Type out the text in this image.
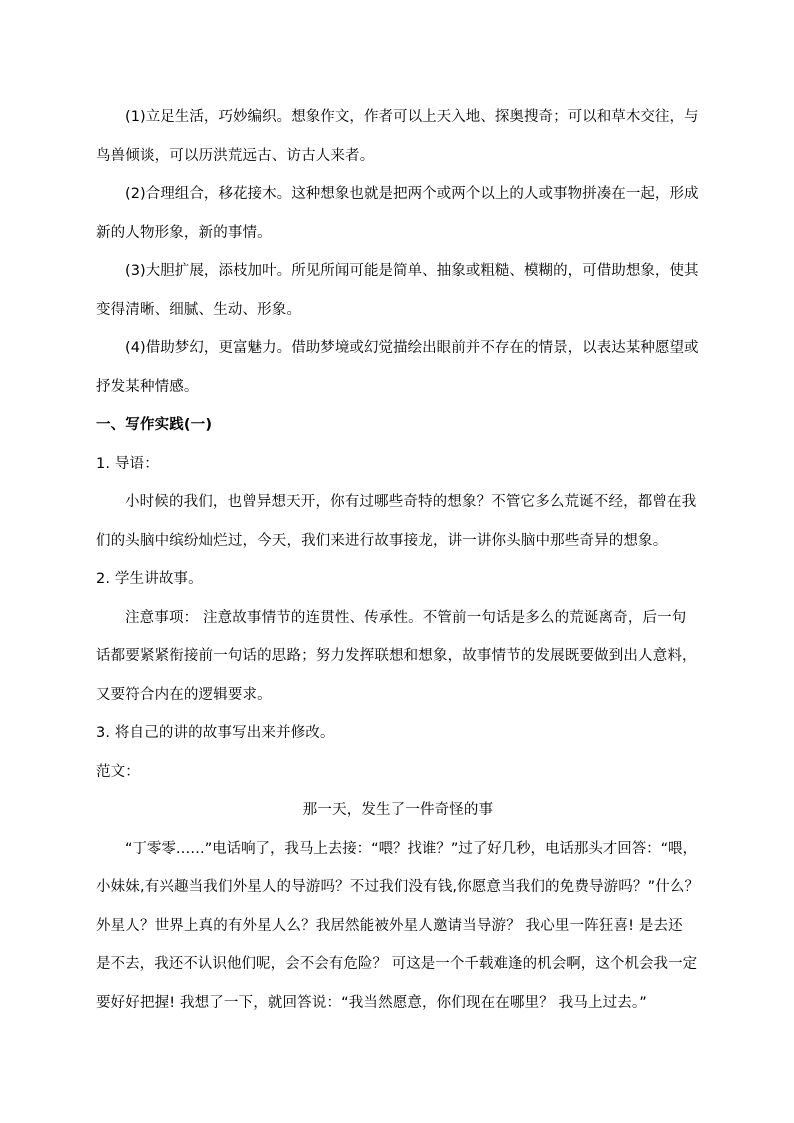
(1)立足生活，巧妙编织。想象作文，作者可以上天入地、探奥搜奇；可以和草木交往，与
鸟兽倾谈，可以历洪荒远古、访古人来者。
(2)合理组合，移花接木。这种想象也就是把两个或两个以上的人或事物拼凑在一起，形成
新的人物形象，新的事情。
(3)大胆扩展，添枝加叶。所见所闻可能是简单、抽象或粗糙、模糊的，可借助想象，使其
变得清晰、细腻、生动、形象。
(4)借助梦幻，更富魅力。借助梦境或幻觉描绘出眼前并不存在的情景，以表达某种愿望或
抒发某种情感。
一、写作实践(一)
1. 导语：
小时候的我们，也曾异想天开，你有过哪些奇特的想象？不管它多么荒诞不经，都曾在我
们的头脑中缤纷灿烂过，今天，我们来进行故事接龙，讲一讲你头脑中那些奇异的想象。
2. 学生讲故事。
注意事项： 注意故事情节的连贯性、传承性。不管前一句话是多么的荒诞离奇，后一句
话都要紧紧衔接前一句话的思路；努力发挥联想和想象，故事情节的发展既要做到出人意料，
又要符合内在的逻辑要求。
3. 将自己的讲的故事写出来并修改。
范文：
那一天，发生了一件奇怪的事
“丁零零……”电话响了，我马上去接：“喂？找谁？”过了好几秒，电话那头才回答：“喂，
小妹妹,有兴趣当我们外星人的导游吗？不过我们没有钱,你愿意当我们的免费导游吗？”什么？
外星人？世界上真的有外星人么？我居然能被外星人邀请当导游？ 我心里一阵狂喜! 是去还
是不去，我还不认识他们呢，会不会有危险？ 可这是一个千载难逢的机会啊，这个机会我一定
要好好把握! 我想了一下，就回答说：“我当然愿意，你们现在在哪里？ 我马上过去。”
